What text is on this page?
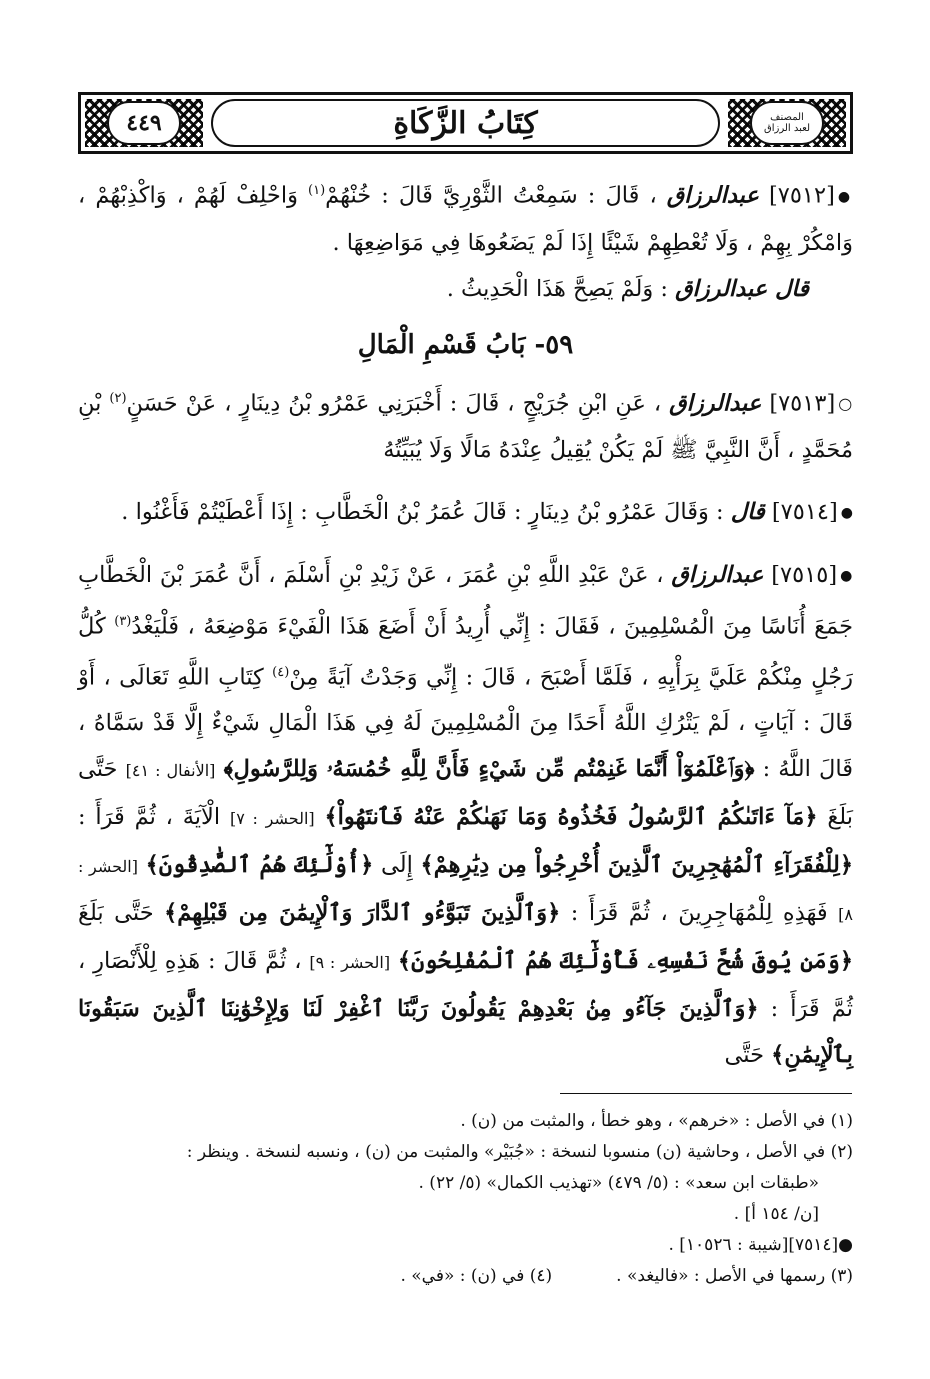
المصنف
لعبد الرزاق
٤٤٩	كِتَابُ الزَّكَاةِ

●[٧٥١٢] عبدالرزاق ، قَالَ : سَمِعْتُ الثَّوْرِيَّ قَالَ : خُنْهُمْ$^{(١)}$ وَاحْلِفْ لَهُمْ ، وَاكْذِبْهُمْ ، وَامْكُرْ بِهِمْ ، وَلَا تُعْطِهِمْ شَيْئًا إِذَا لَمْ يَضَعُوهَا فِي مَوَاضِعِهَا .

قال عبدالرزاق : وَلَمْ يَصِحَّ هَذَا الْحَدِيثُ .

٥٩- بَابُ قَسْمِ الْمَالِ

○[٧٥١٣] عبدالرزاق ، عَنِ ابْنِ جُرَيْجٍ ، قَالَ : أَخْبَرَنِي عَمْرُو بْنُ دِينَارٍ ، عَنْ حَسَنٍ$^{(٢)}$ بْنِ مُحَمَّدٍ ، أَنَّ النَّبِيَّ ﷺ لَمْ يَكُنْ يُقِيلُ عِنْدَهُ مَالًا وَلَا يُبَيِّتُهُ

●[٧٥١٤] قال : وَقَالَ عَمْرُو بْنُ دِينَارٍ : قَالَ عُمَرُ بْنُ الْخَطَّابِ : إِذَا أَعْطَيْتُمْ فَأَغْنُوا .

●[٧٥١٥] عبدالرزاق ، عَنْ عَبْدِ اللَّهِ بْنِ عُمَرَ ، عَنْ زَيْدِ بْنِ أَسْلَمَ ، أَنَّ عُمَرَ بْنَ الْخَطَّابِ جَمَعَ أُنَاسًا مِنَ الْمُسْلِمِينَ ، فَقَالَ : إِنِّي أُرِيدُ أَنْ أَضَعَ هَذَا الْفَيْءَ مَوْضِعَهُ ، فَلْيَغْدُ$^{(٣)}$ كُلُّ رَجُلٍ مِنْكُمْ عَلَيَّ بِرَأْيِهِ ، فَلَمَّا أَصْبَحَ ، قَالَ : إِنِّي وَجَدْتُ آيَةً مِنْ$^{(٤)}$ كِتَابِ اللَّهِ تَعَالَى ، أَوْ قَالَ : آيَاتٍ ، لَمْ يَتْرُكِ اللَّهُ أَحَدًا مِنَ الْمُسْلِمِينَ لَهُ فِي هَذَا الْمَالِ شَيْءٌ إِلَّا قَدْ سَمَّاهُ ، قَالَ اللَّهُ : ﴿وَٱعْلَمُوٓاْ أَنَّمَا غَنِمْتُم مِّن شَيْءٍ فَأَنَّ لِلَّهِ خُمُسَهُۥ وَلِلرَّسُولِ﴾ [الأنفال : ٤١] حَتَّى بَلَغَ ﴿مَآ ءَاتَىٰكُمُ ٱلرَّسُولُ فَخُذُوهُ وَمَا نَهَىٰكُمْ عَنْهُ فَٱنتَهُواْ﴾ [الحشر : ٧] الْآيَةَ ، ثُمَّ قَرَأَ : ﴿لِلْفُقَرَآءِ ٱلْمُهَٰجِرِينَ ٱلَّذِينَ أُخْرِجُواْ مِن دِيَٰرِهِمْ﴾ إِلَى ﴿أُوْلَٰٓئِكَ هُمُ ٱلصَّٰدِقُونَ﴾ [الحشر : ٨] فَهَذِهِ لِلْمُهَاجِرِينَ ، ثُمَّ قَرَأَ : ﴿وَٱلَّذِينَ تَبَوَّءُو ٱلدَّارَ وَٱلْإِيمَٰنَ مِن قَبْلِهِمْ﴾ حَتَّى بَلَغَ ﴿وَمَن يُوقَ شُحَّ نَفْسِهِۦ فَأُوْلَٰٓئِكَ هُمُ ٱلْمُفْلِحُونَ﴾ [الحشر : ٩] ، ثُمَّ قَالَ : هَذِهِ لِلْأَنْصَارِ ، ثُمَّ قَرَأَ : ﴿وَٱلَّذِينَ جَآءُو مِنۢ بَعْدِهِمْ يَقُولُونَ رَبَّنَا ٱغْفِرْ لَنَا وَلِإِخْوَٰنِنَا ٱلَّذِينَ سَبَقُونَا بِٱلْإِيمَٰنِ﴾ حَتَّى

(١) في الأصل : «خرهم» ، وهو خطأ ، والمثبت من (ن) .

(٢) في الأصل ، وحاشية (ن) منسوبا لنسخة : «جُبَيْر» والمثبت من (ن) ، ونسبه لنسخة . وينظر :

«طبقات ابن سعد» : (٥/ ٤٧٩) «تهذيب الكمال» (٥/ ٢٢) .

[ن/ ١٥٤ أ] .

●[٧٥١٤][شيبة : ١٠٥٢٦] .

(٣) رسمها في الأصل : «فاليغد» .
(٤) في (ن) : «في» .
